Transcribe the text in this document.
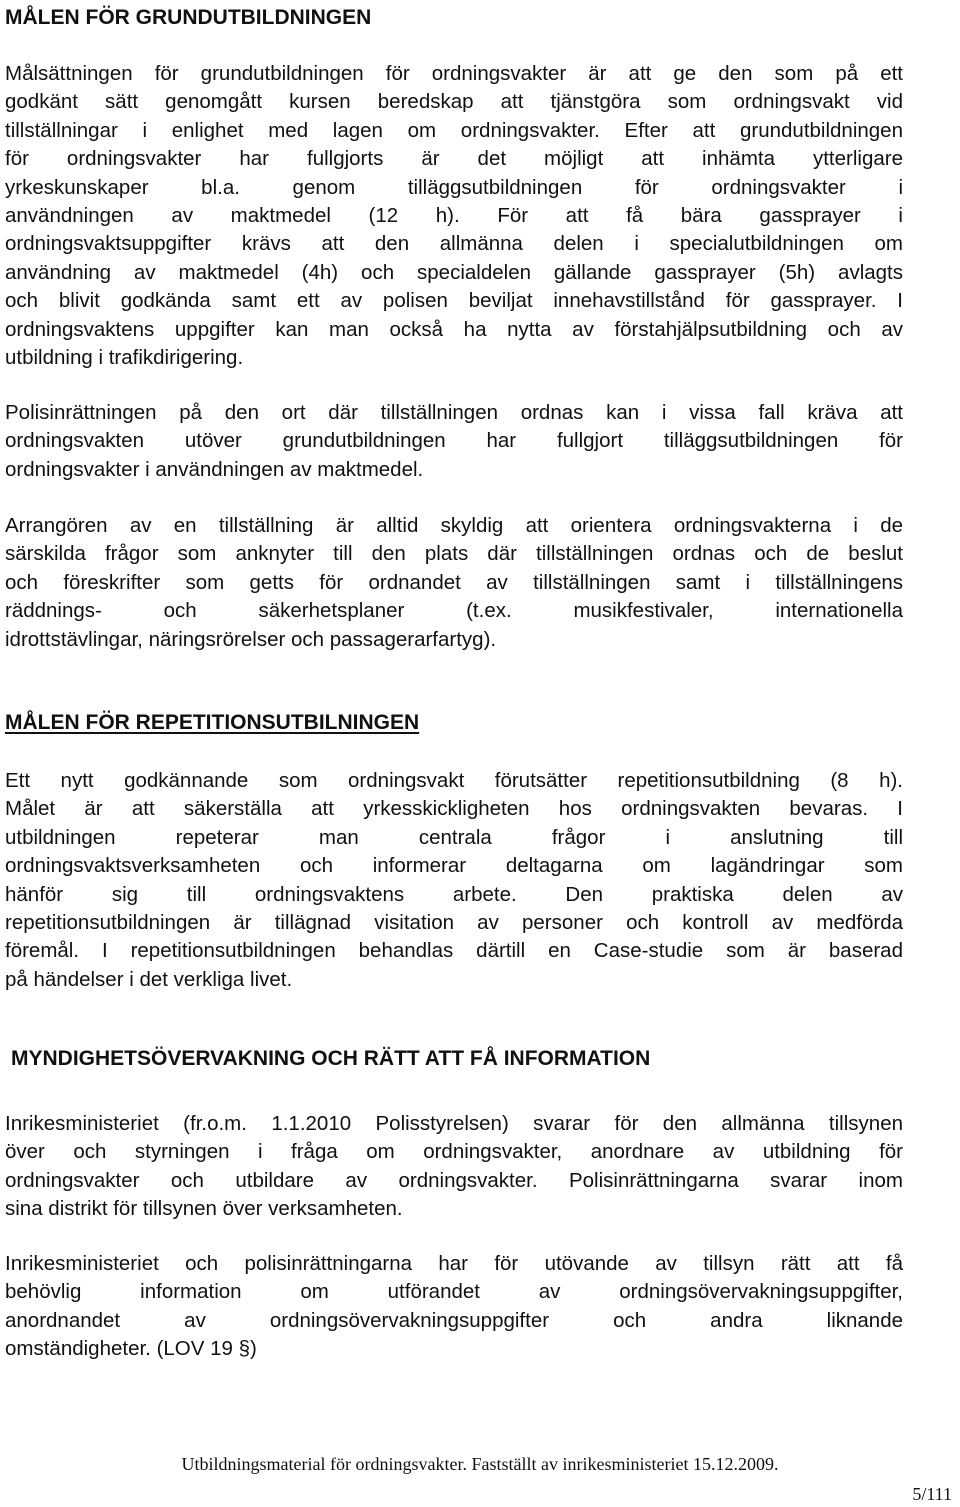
MÅLEN FÖR GRUNDUTBILDNINGEN

Målsättningen för grundutbildningen för ordningsvakter är att ge den som på ett
godkänt sätt genomgått kursen beredskap att tjänstgöra som ordningsvakt vid
tillställningar i enlighet med lagen om ordningsvakter. Efter att grundutbildningen
för ordningsvakter har fullgjorts är det möjligt att inhämta ytterligare
yrkeskunskaper bl.a. genom tilläggsutbildningen för ordningsvakter i
användningen av maktmedel (12 h). För att få bära gassprayer i
ordningsvaktsuppgifter krävs att den allmänna delen i specialutbildningen om
användning av maktmedel (4h) och specialdelen gällande gassprayer (5h) avlagts
och blivit godkända samt ett av polisen beviljat innehavstillstånd för gassprayer. I
ordningsvaktens uppgifter kan man också ha nytta av förstahjälpsutbildning och av
utbildning i trafikdirigering.

Polisinrättningen på den ort där tillställningen ordnas kan i vissa fall kräva att
ordningsvakten utöver grundutbildningen har fullgjort tilläggsutbildningen för
ordningsvakter i användningen av maktmedel.

Arrangören av en tillställning är alltid skyldig att orientera ordningsvakterna i de
särskilda frågor som anknyter till den plats där tillställningen ordnas och de beslut
och föreskrifter som getts för ordnandet av tillställningen samt i tillställningens
räddnings- och säkerhetsplaner (t.ex. musikfestivaler, internationella
idrottstävlingar, näringsrörelser och passagerarfartyg).

MÅLEN FÖR REPETITIONSUTBILNINGEN

Ett nytt godkännande som ordningsvakt förutsätter repetitionsutbildning (8 h).
Målet är att säkerställa att yrkesskickligheten hos ordningsvakten bevaras. I
utbildningen repeterar man centrala frågor i anslutning till
ordningsvaktsverksamheten och informerar deltagarna om lagändringar som
hänför sig till ordningsvaktens arbete. Den praktiska delen av
repetitionsutbildningen är tillägnad visitation av personer och kontroll av medförda
föremål. I repetitionsutbildningen behandlas därtill en Case-studie som är baserad
på händelser i det verkliga livet.

MYNDIGHETSÖVERVAKNING OCH RÄTT ATT FÅ INFORMATION

Inrikesministeriet (fr.o.m. 1.1.2010 Polisstyrelsen) svarar för den allmänna tillsynen
över och styrningen i fråga om ordningsvakter, anordnare av utbildning för
ordningsvakter och utbildare av ordningsvakter. Polisinrättningarna svarar inom
sina distrikt för tillsynen över verksamheten.

Inrikesministeriet och polisinrättningarna har för utövande av tillsyn rätt att få
behövlig information om utförandet av ordningsövervakningsuppgifter,
anordnandet av ordningsövervakningsuppgifter och andra liknande
omständigheter. (LOV 19 §)

Utbildningsmaterial för ordningsvakter. Fastställt av inrikesministeriet 15.12.2009.
5/111
